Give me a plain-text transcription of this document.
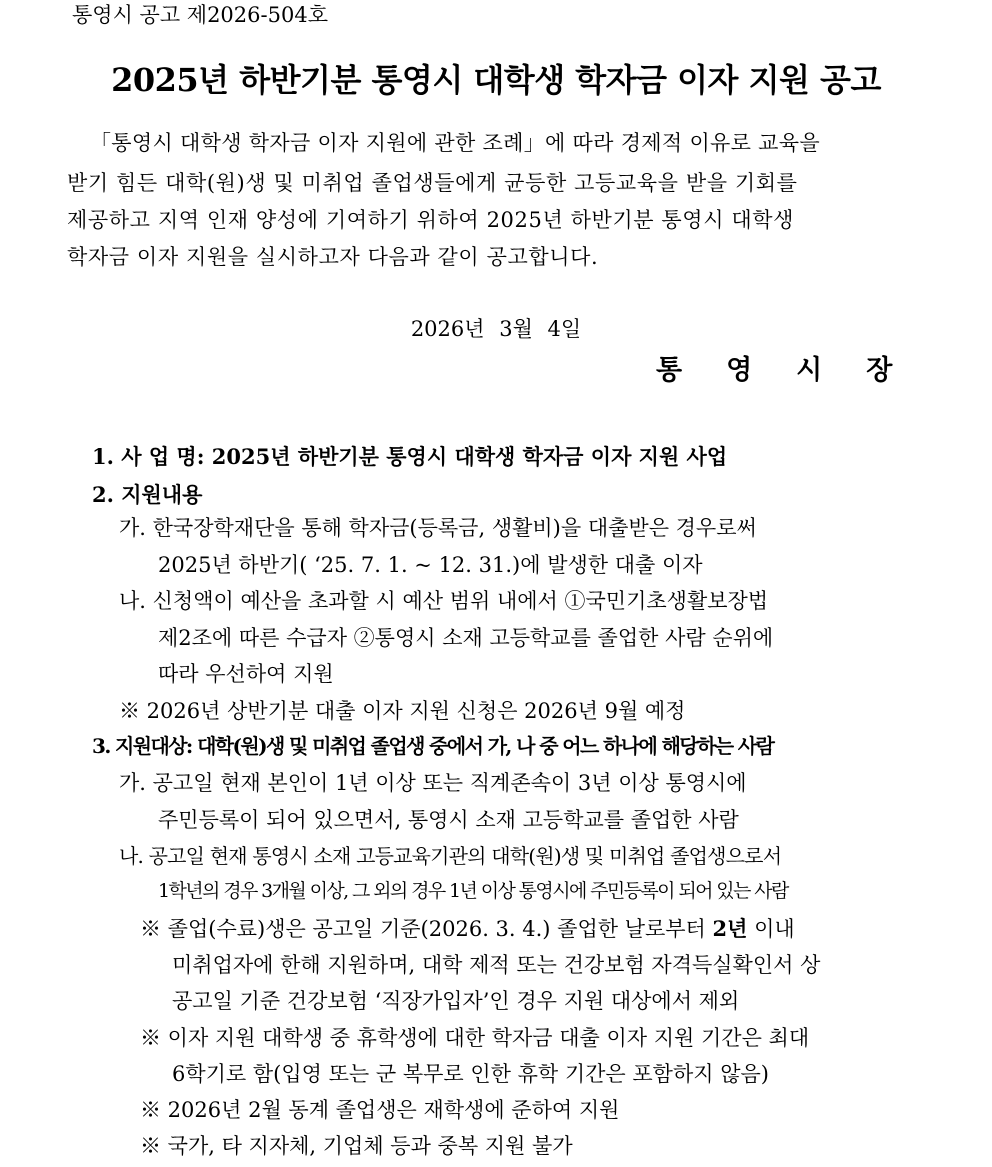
통영시 공고 제2026-504호
2025년 하반기분 통영시 대학생 학자금 이자 지원 공고
「통영시 대학생 학자금 이자 지원에 관한 조례」에 따라 경제적 이유로 교육을
받기 힘든 대학(원)생 및 미취업 졸업생들에게 균등한 고등교육을 받을 기회를
제공하고 지역 인재 양성에 기여하기 위하여 2025년 하반기분 통영시 대학생
학자금 이자 지원을 실시하고자 다음과 같이 공고합니다.
2026년 3월 4일
통영시장
1. 사 업 명: 2025년 하반기분 통영시 대학생 학자금 이자 지원 사업
2. 지원내용
가. 한국장학재단을 통해 학자금(등록금, 생활비)을 대출받은 경우로써
2025년 하반기( ‘25. 7. 1. ~ 12. 31.)에 발생한 대출 이자
나. 신청액이 예산을 초과할 시 예산 범위 내에서 ①국민기초생활보장법
제2조에 따른 수급자 ②통영시 소재 고등학교를 졸업한 사람 순위에
따라 우선하여 지원
※ 2026년 상반기분 대출 이자 지원 신청은 2026년 9월 예정
3. 지원대상: 대학(원)생 및 미취업 졸업생 중에서 가, 나 중 어느 하나에 해당하는 사람
가. 공고일 현재 본인이 1년 이상 또는 직계존속이 3년 이상 통영시에
주민등록이 되어 있으면서, 통영시 소재 고등학교를 졸업한 사람
나. 공고일 현재 통영시 소재 고등교육기관의 대학(원)생 및 미취업 졸업생으로서
1학년의 경우 3개월 이상, 그 외의 경우 1년 이상 통영시에 주민등록이 되어 있는 사람
※ 졸업(수료)생은 공고일 기준(2026. 3. 4.) 졸업한 날로부터 2년 이내
미취업자에 한해 지원하며, 대학 제적 또는 건강보험 자격득실확인서 상
공고일 기준 건강보험 ‘직장가입자’인 경우 지원 대상에서 제외
※ 이자 지원 대학생 중 휴학생에 대한 학자금 대출 이자 지원 기간은 최대
6학기로 함(입영 또는 군 복무로 인한 휴학 기간은 포함하지 않음)
※ 2026년 2월 동계 졸업생은 재학생에 준하여 지원
※ 국가, 타 지자체, 기업체 등과 중복 지원 불가
